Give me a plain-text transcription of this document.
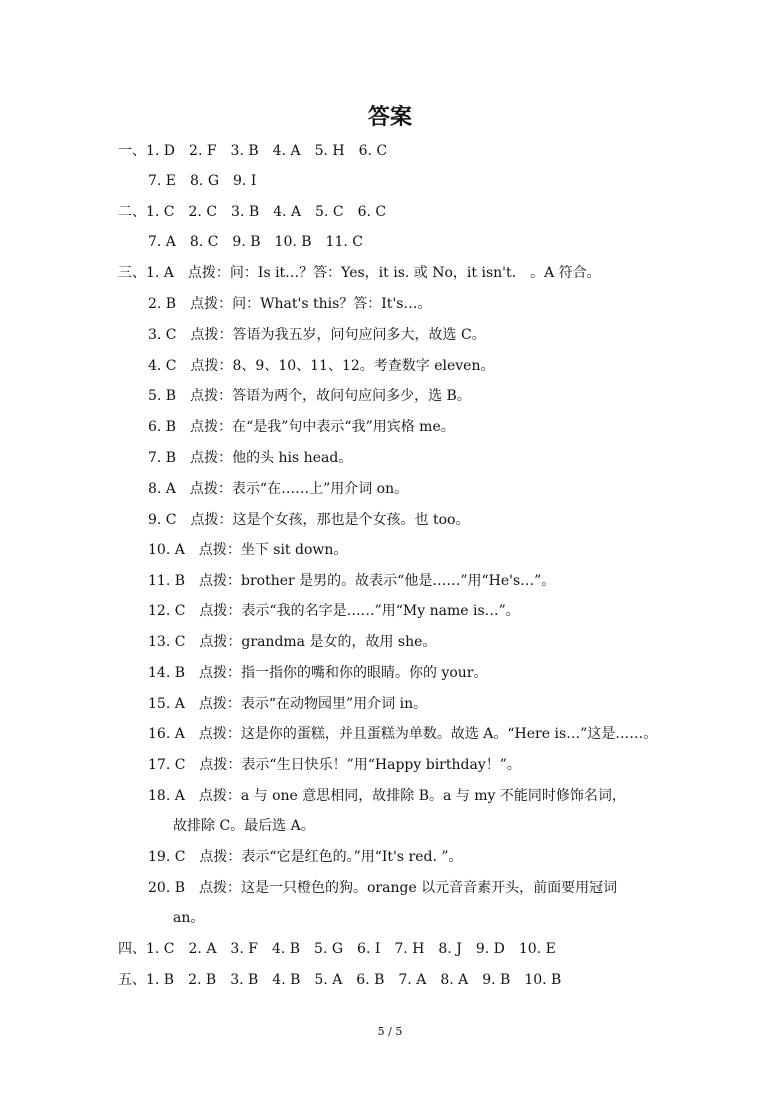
答案
一、1. D　2. F　3. B　4. A　5. H　6. C
7. E　8. G　9. I
二、1. C　2. C　3. B　4. A　5. C　6. C
7. A　8. C　9. B　10. B　11. C
三、1. A　点拨：问：Is it…？答：Yes，it is. 或 No，it isn't.　。A 符合。
2. B　点拨：问：What's this？答：It's…。
3. C　点拨：答语为我五岁，问句应问多大，故选 C。
4. C　点拨：8、9、10、11、12。考查数字 eleven。
5. B　点拨：答语为两个，故问句应问多少，选 B。
6. B　点拨：在“是我”句中表示“我”用宾格 me。
7. B　点拨：他的头 his head。
8. A　点拨：表示“在……上”用介词 on。
9. C　点拨：这是个女孩，那也是个女孩。也 too。
10. A　点拨：坐下 sit down。
11. B　点拨：brother 是男的。故表示“他是……”用“He's…”。
12. C　点拨：表示“我的名字是……”用“My name is…”。
13. C　点拨：grandma 是女的，故用 she。
14. B　点拨：指一指你的嘴和你的眼睛。你的 your。
15. A　点拨：表示“在动物园里”用介词 in。
16. A　点拨：这是你的蛋糕，并且蛋糕为单数。故选 A。“Here is…”这是……。
17. C　点拨：表示“生日快乐！”用“Happy birthday！”。
18. A　点拨：a 与 one 意思相同，故排除 B。a 与 my 不能同时修饰名词，
故排除 C。最后选 A。
19. C　点拨：表示“它是红色的。”用“It's red. ”。
20. B　点拨：这是一只橙色的狗。orange 以元音音素开头，前面要用冠词
an。
四、1. C　2. A　3. F　4. B　5. G　6. I　7. H　8. J　9. D　10. E
五、1. B　2. B　3. B　4. B　5. A　6. B　7. A　8. A　9. B　10. B
5 / 5
